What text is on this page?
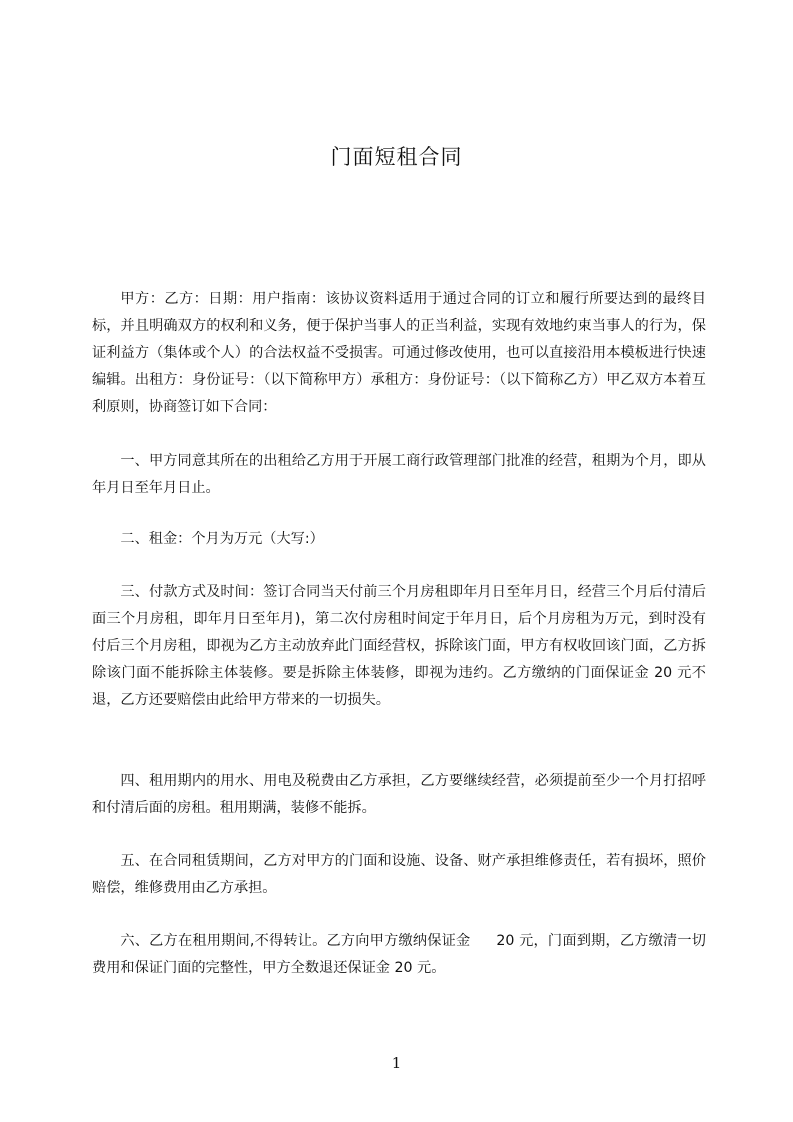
门面短租合同

甲方：乙方：日期：用户指南：该协议资料适用于通过合同的订立和履行所要达到的最终目标，并且明确双方的权利和义务，便于保护当事人的正当利益，实现有效地约束当事人的行为，保证利益方（集体或个人）的合法权益不受损害。可通过修改使用，也可以直接沿用本模板进行快速编辑。出租方：身份证号：（以下简称甲方）承租方：身份证号：（以下简称乙方）甲乙双方本着互利原则，协商签订如下合同：

一、甲方同意其所在的出租给乙方用于开展工商行政管理部门批准的经营，租期为个月，即从年月日至年月日止。

二、租金：个月为万元（大写:）

三、付款方式及时间：签订合同当天付前三个月房租即年月日至年月日，经营三个月后付清后面三个月房租，即年月日至年月)，第二次付房租时间定于年月日，后个月房租为万元，到时没有付后三个月房租，即视为乙方主动放弃此门面经营权，拆除该门面，甲方有权收回该门面，乙方拆除该门面不能拆除主体装修。要是拆除主体装修，即视为违约。乙方缴纳的门面保证金 20 元不退，乙方还要赔偿由此给甲方带来的一切损失。

四、租用期内的用水、用电及税费由乙方承担，乙方要继续经营，必须提前至少一个月打招呼和付清后面的房租。租用期满，装修不能拆。

五、在合同租赁期间，乙方对甲方的门面和设施、设备、财产承担维修责任，若有损坏，照价赔偿，维修费用由乙方承担。

六、乙方在租用期间,不得转让。乙方向甲方缴纳保证金 20 元，门面到期，乙方缴清一切费用和保证门面的完整性，甲方全数退还保证金 20 元。

1
